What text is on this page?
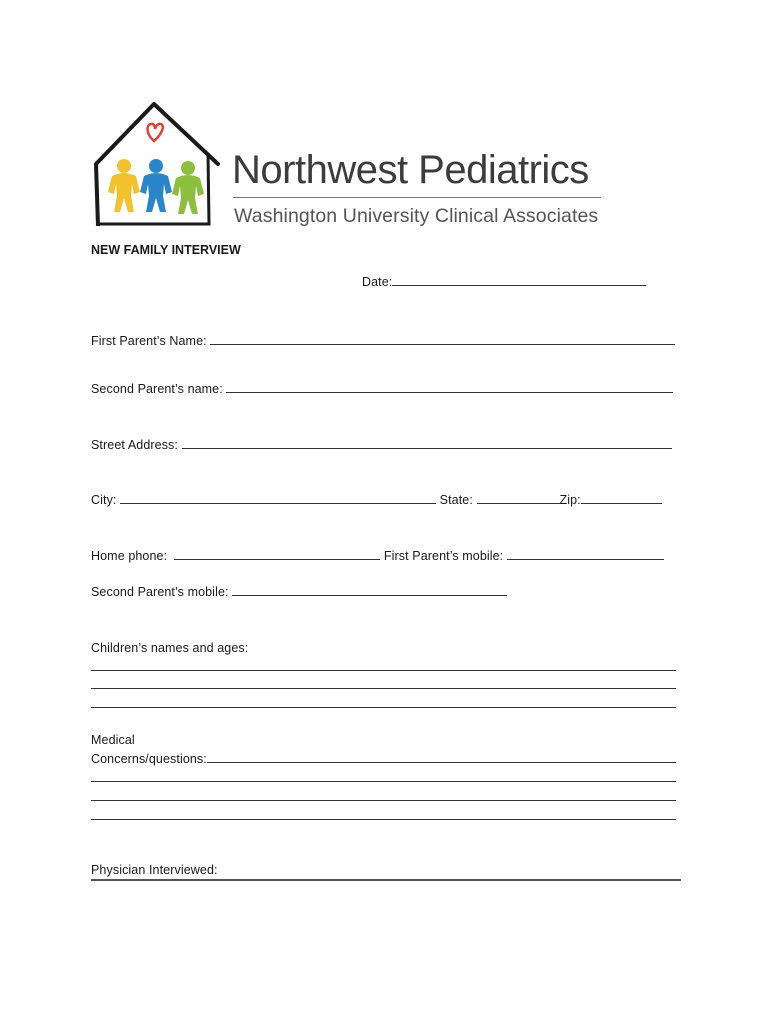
Northwest Pediatrics
Washington University Clinical Associates
NEW FAMILY INTERVIEW
Date:
First Parent’s Name:
Second Parent’s name:
Street Address:
City:	State:	Zip:
Home phone:	First Parent’s mobile:
Second Parent’s mobile:
Children’s names and ages:
Medical
Concerns/questions:
Physician Interviewed:
